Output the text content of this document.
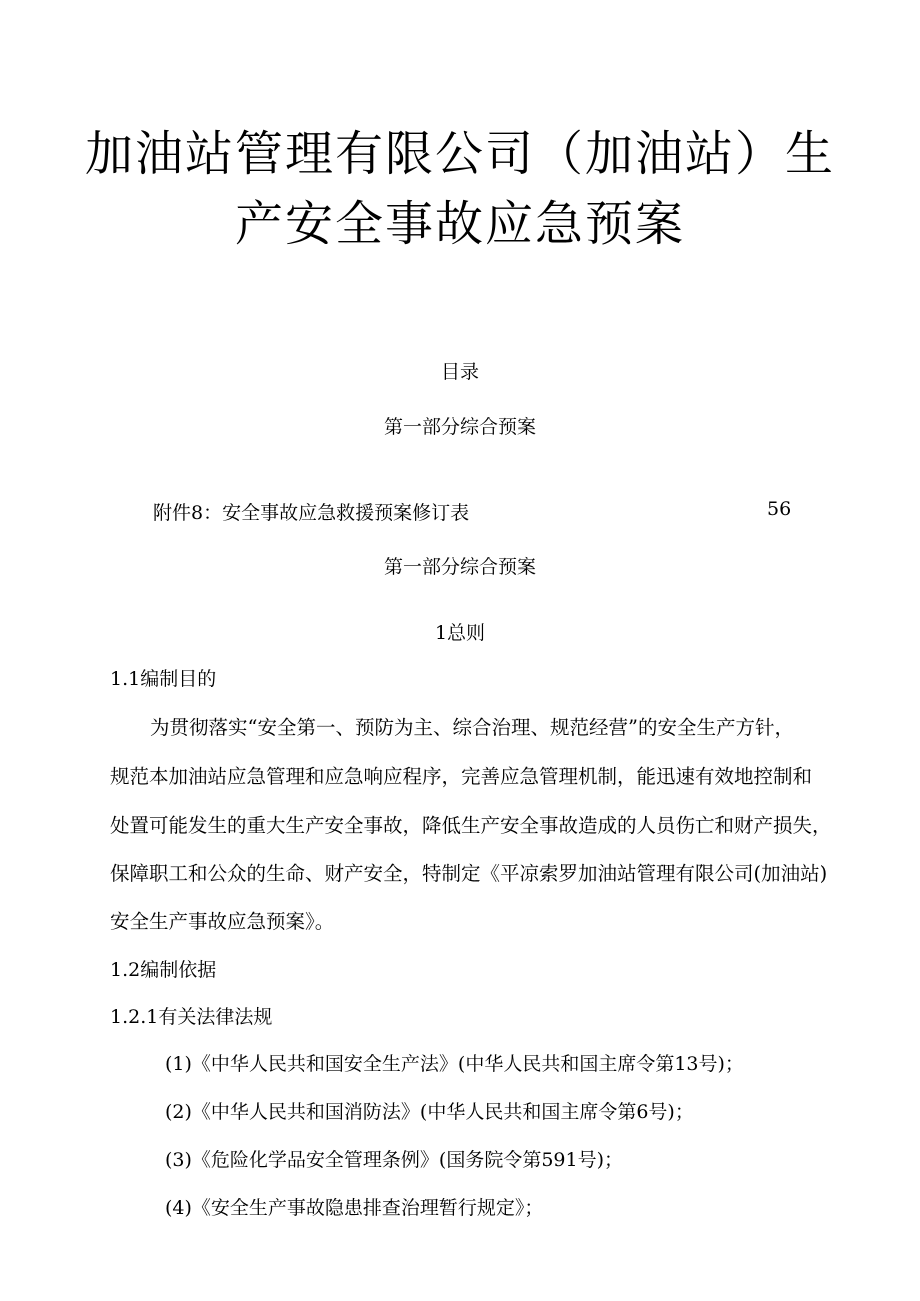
加油站管理有限公司（加油站）生
产安全事故应急预案
目录
第一部分综合预案
附件8：安全事故应急救援预案修订表	56
第一部分综合预案
1总则
1.1编制目的
为贯彻落实“安全第一、预防为主、综合治理、规范经营”的安全生产方针，
规范本加油站应急管理和应急响应程序，完善应急管理机制，能迅速有效地控制和
处置可能发生的重大生产安全事故，降低生产安全事故造成的人员伤亡和财产损失，
保障职工和公众的生命、财产安全，特制定《平凉索罗加油站管理有限公司(加油站)
安全生产事故应急预案》。
1.2编制依据
1.2.1有关法律法规
(1)《中华人民共和国安全生产法》(中华人民共和国主席令第13号)；
(2)《中华人民共和国消防法》(中华人民共和国主席令第6号)；
(3)《危险化学品安全管理条例》(国务院令第591号)；
(4)《安全生产事故隐患排查治理暂行规定》；
